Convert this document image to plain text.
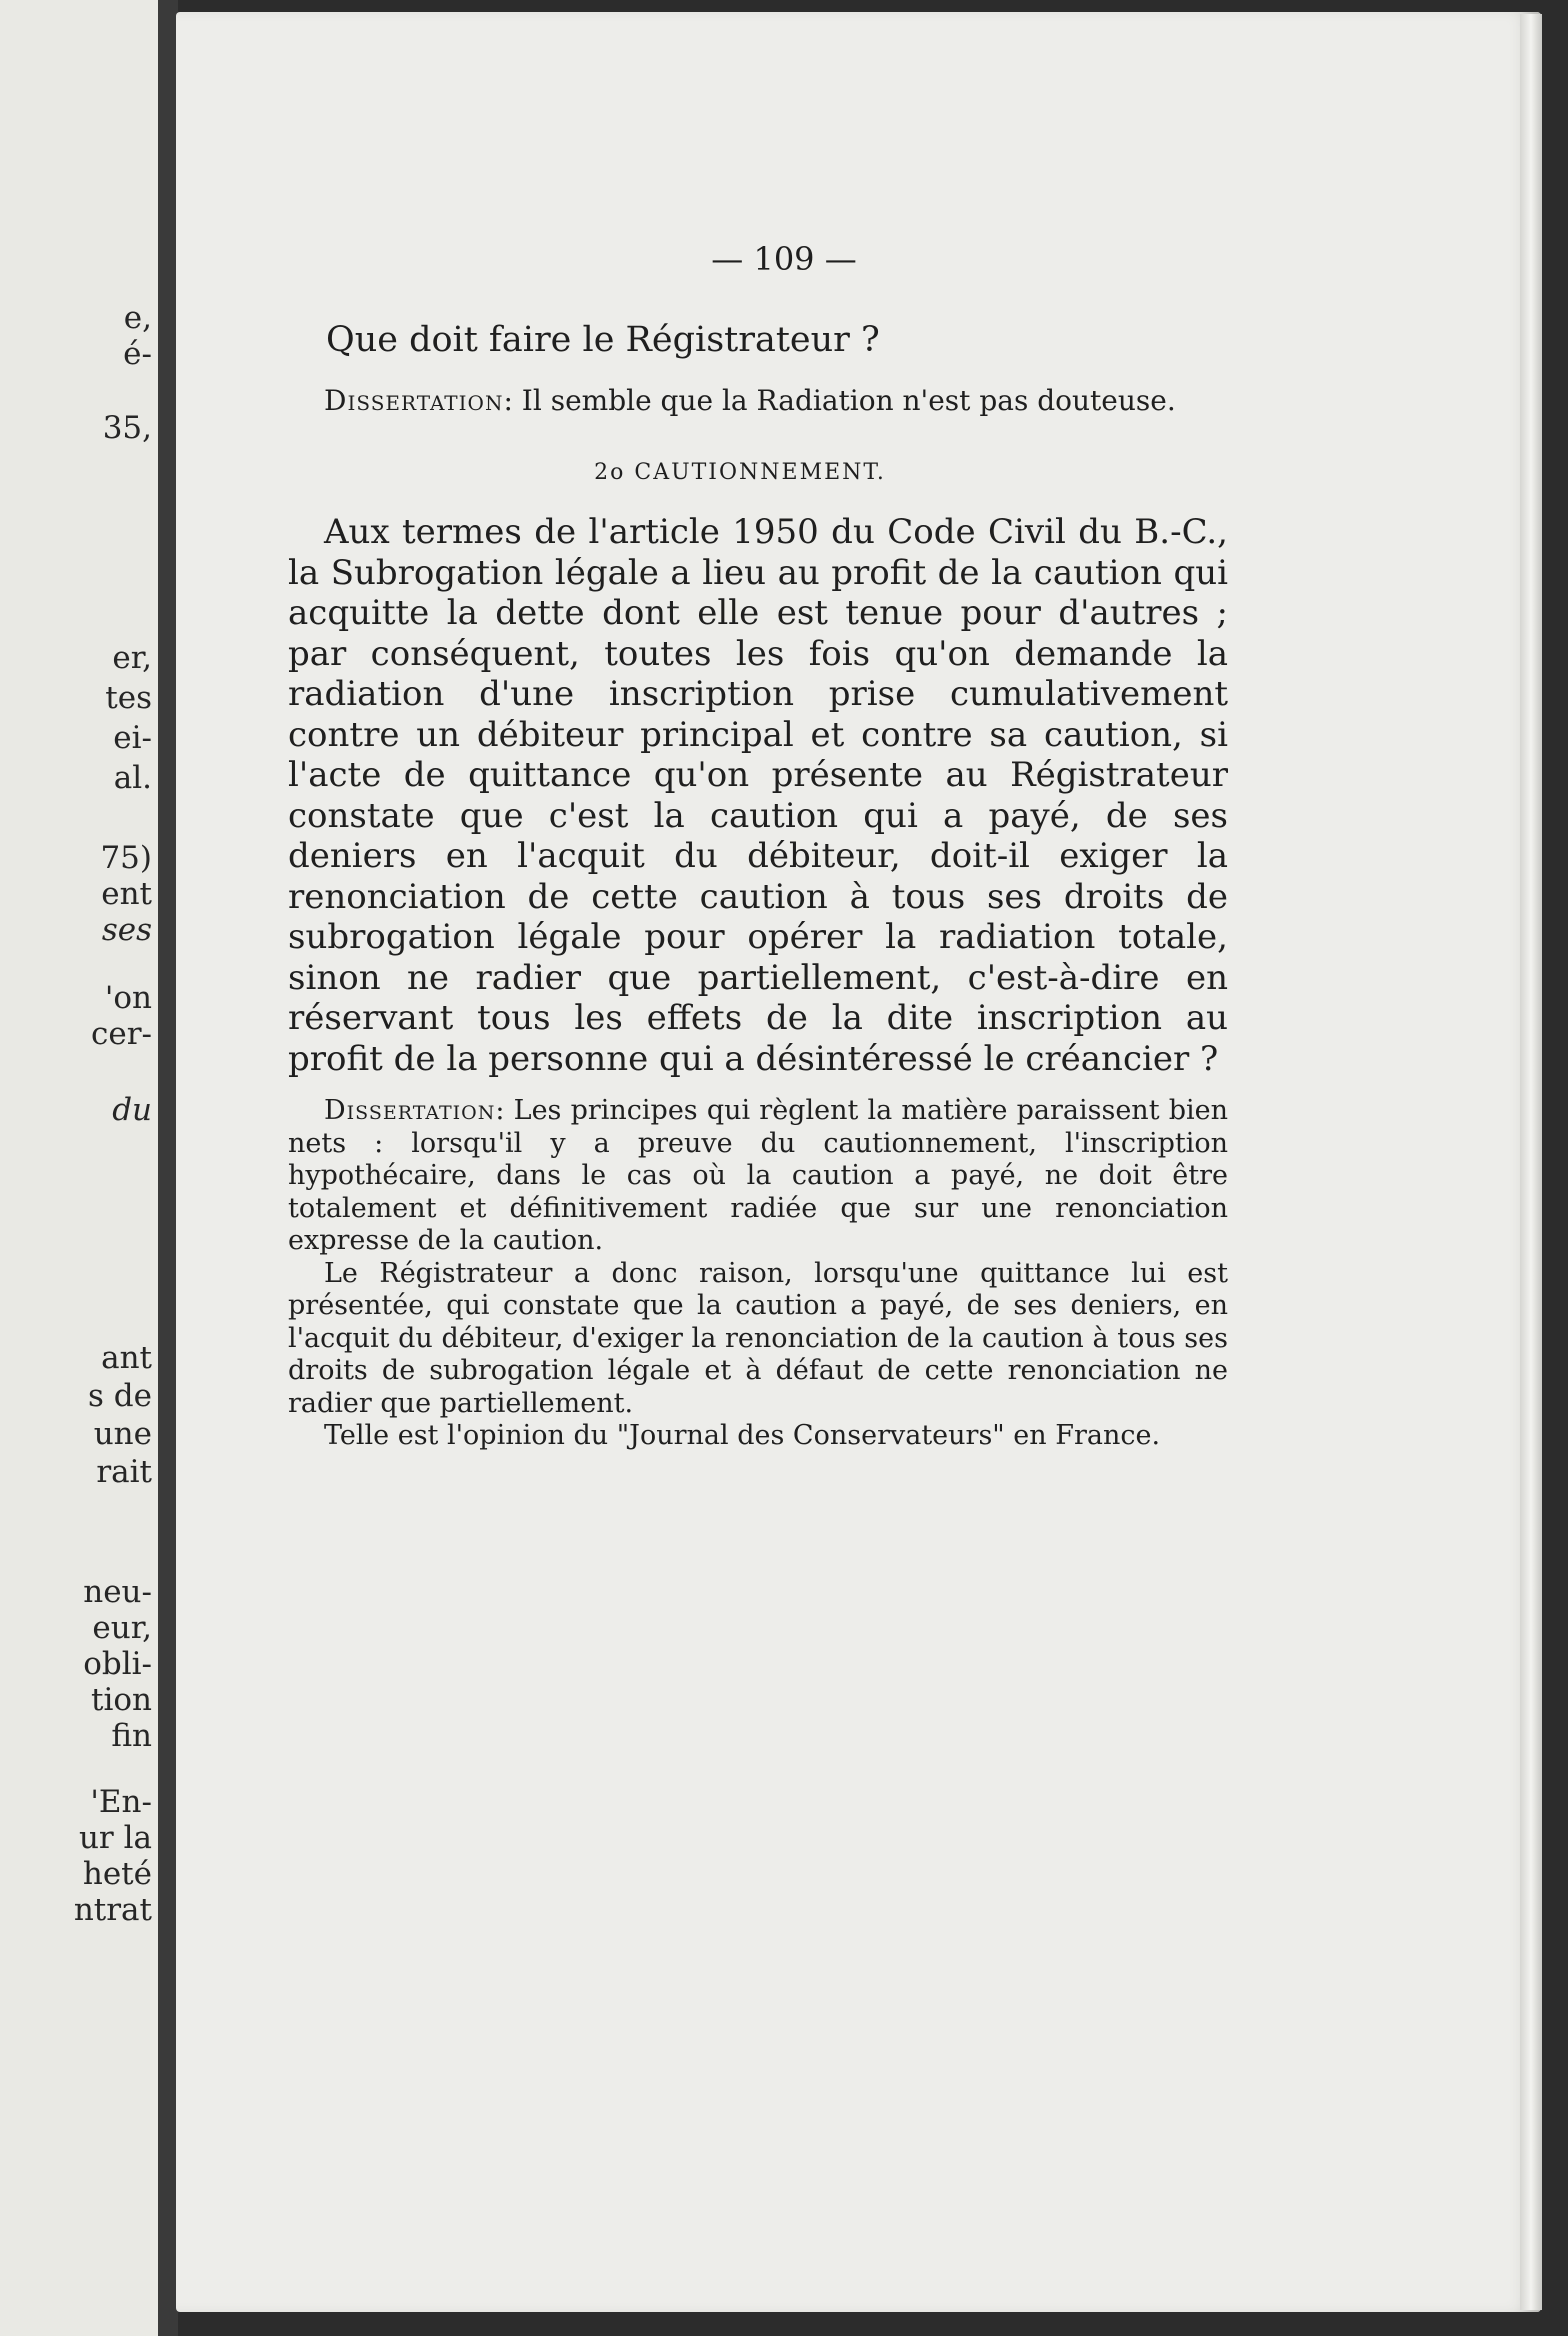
e,
é-
35,
er,
tes
ei-
al.
75)
ent
ses
'on
cer-
du
ant
s de
une
rait
neu-
eur,
obli-
tion
fin
'En-
ur la
heté
ntrat
— 109 —
Que doit faire le Régistrateur ?
Dissertation: Il semble que la Radiation n'est pas douteuse.
2o CAUTIONNEMENT.

Aux termes de l'article 1950 du Code Civil du B.-C., la Subrogation légale a lieu au profit de la caution qui acquitte la dette dont elle est tenue pour d'autres ; par conséquent, toutes les fois qu'on demande la radiation d'une inscription prise cumulativement contre un débiteur principal et contre sa caution, si l'acte de quittance qu'on présente au Régistrateur constate que c'est la caution qui a payé, de ses deniers en l'acquit du débiteur, doit-il exiger la renonciation de cette caution à tous ses droits de subrogation légale pour opérer la radiation totale, sinon ne radier que partiellement, c'est-à-dire en réservant tous les effets de la dite inscription au profit de la personne qui a désintéressé le créancier ?

Dissertation: Les principes qui règlent la matière paraissent bien nets : lorsqu'il y a preuve du cautionnement, l'inscription hypothécaire, dans le cas où la caution a payé, ne doit être totalement et définitivement radiée que sur une renonciation expresse de la caution.

Le Régistrateur a donc raison, lorsqu'une quittance lui est présentée, qui constate que la caution a payé, de ses deniers, en l'acquit du débiteur, d'exiger la renonciation de la caution à tous ses droits de subrogation légale et à défaut de cette renonciation ne radier que partiellement.

Telle est l'opinion du "Journal des Conservateurs" en France.
